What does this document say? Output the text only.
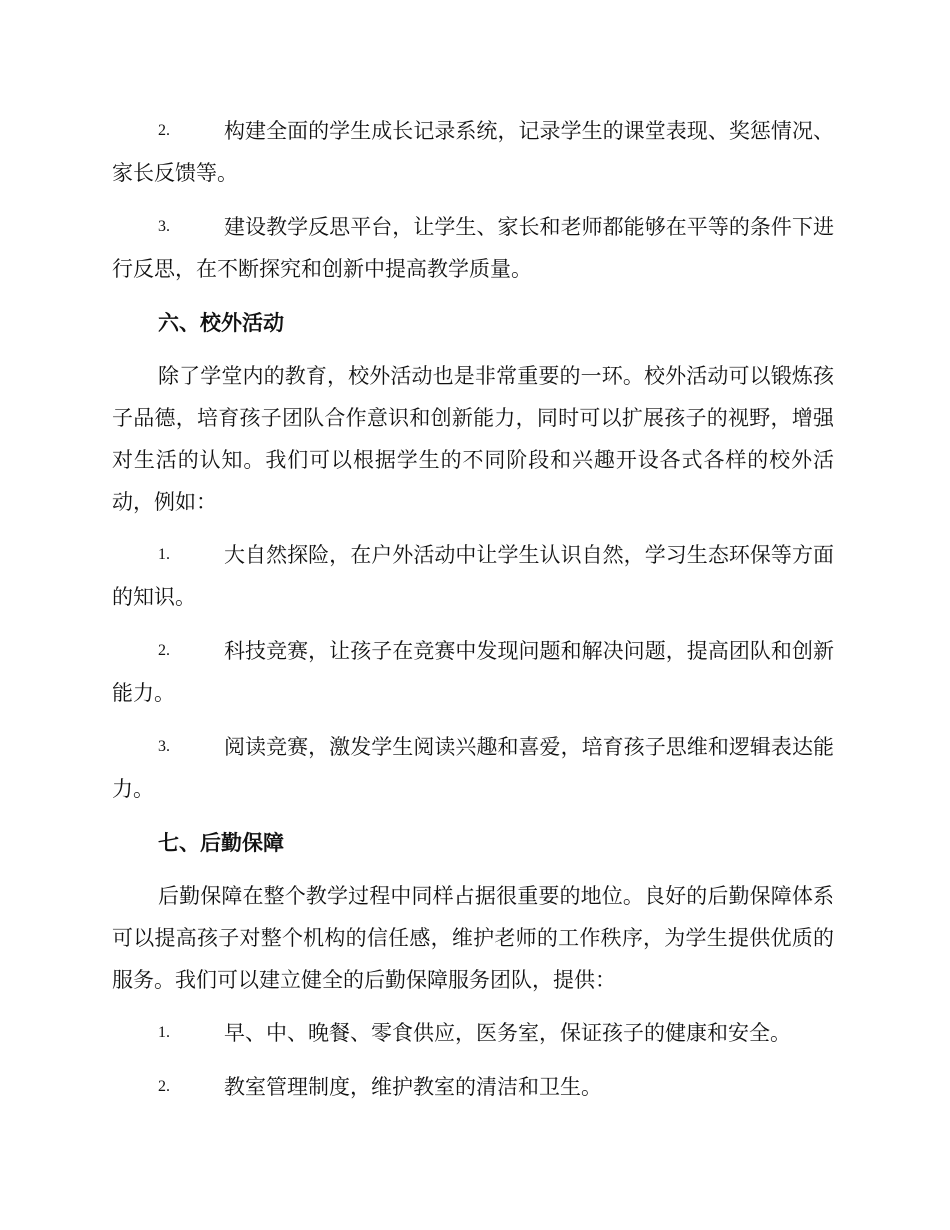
2.	构建全面的学生成长记录系统，记录学生的课堂表现、奖惩情况、家长反馈等。
3.	建设教学反思平台，让学生、家长和老师都能够在平等的条件下进行反思，在不断探究和创新中提高教学质量。
六、校外活动

除了学堂内的教育，校外活动也是非常重要的一环。校外活动可以锻炼孩子品德，培育孩子团队合作意识和创新能力，同时可以扩展孩子的视野，增强对生活的认知。我们可以根据学生的不同阶段和兴趣开设各式各样的校外活动，例如：

1.	大自然探险，在户外活动中让学生认识自然，学习生态环保等方面的知识。
2.	科技竞赛，让孩子在竞赛中发现问题和解决问题，提高团队和创新能力。
3.	阅读竞赛，激发学生阅读兴趣和喜爱，培育孩子思维和逻辑表达能力。
七、后勤保障

后勤保障在整个教学过程中同样占据很重要的地位。良好的后勤保障体系可以提高孩子对整个机构的信任感，维护老师的工作秩序，为学生提供优质的服务。我们可以建立健全的后勤保障服务团队，提供：

1.	早、中、晚餐、零食供应，医务室，保证孩子的健康和安全。
2.	教室管理制度，维护教室的清洁和卫生。
